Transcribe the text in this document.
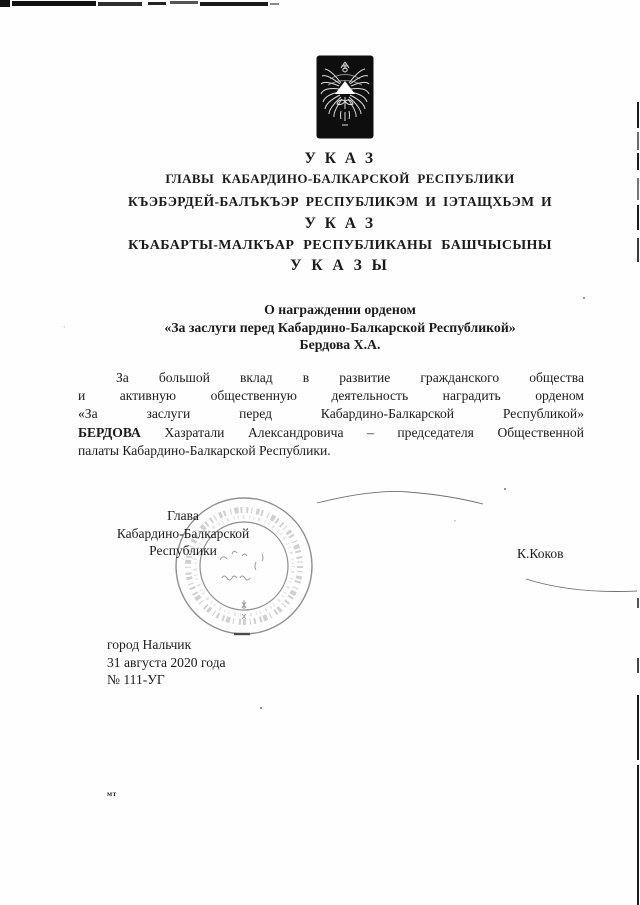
`
,
У К А З
ГЛАВЫ КАБАРДИНО-БАЛКАРСКОЙ РЕСПУБЛИКИ
КЪЭБЭРДЕЙ-БАЛЪКЪЭР РЕСПУБЛИКЭМ И IЭТАЩХЬЭМ И
У К А З
КЪАБАРТЫ-МАЛКЪАР РЕСПУБЛИКАНЫ БАШЧЫСЫНЫ
У К А З Ы
О награждении орденом
«За заслуги перед Кабардино-Балкарской Республикой»
Бердова Х.А.
За большой вклад в развитие гражданского общества
и активную общественную деятельность наградить орденом
«За заслуги перед Кабардино-Балкарской Республикой»
БЕРДОВА Хазратали Александровича – председателя Общественной
палаты Кабардино-Балкарской Республики.
Глава
Кабардино-Балкарской
Республики	К.Коков
город Нальчик
31 августа 2020 года
№ 111-УГ
мт
